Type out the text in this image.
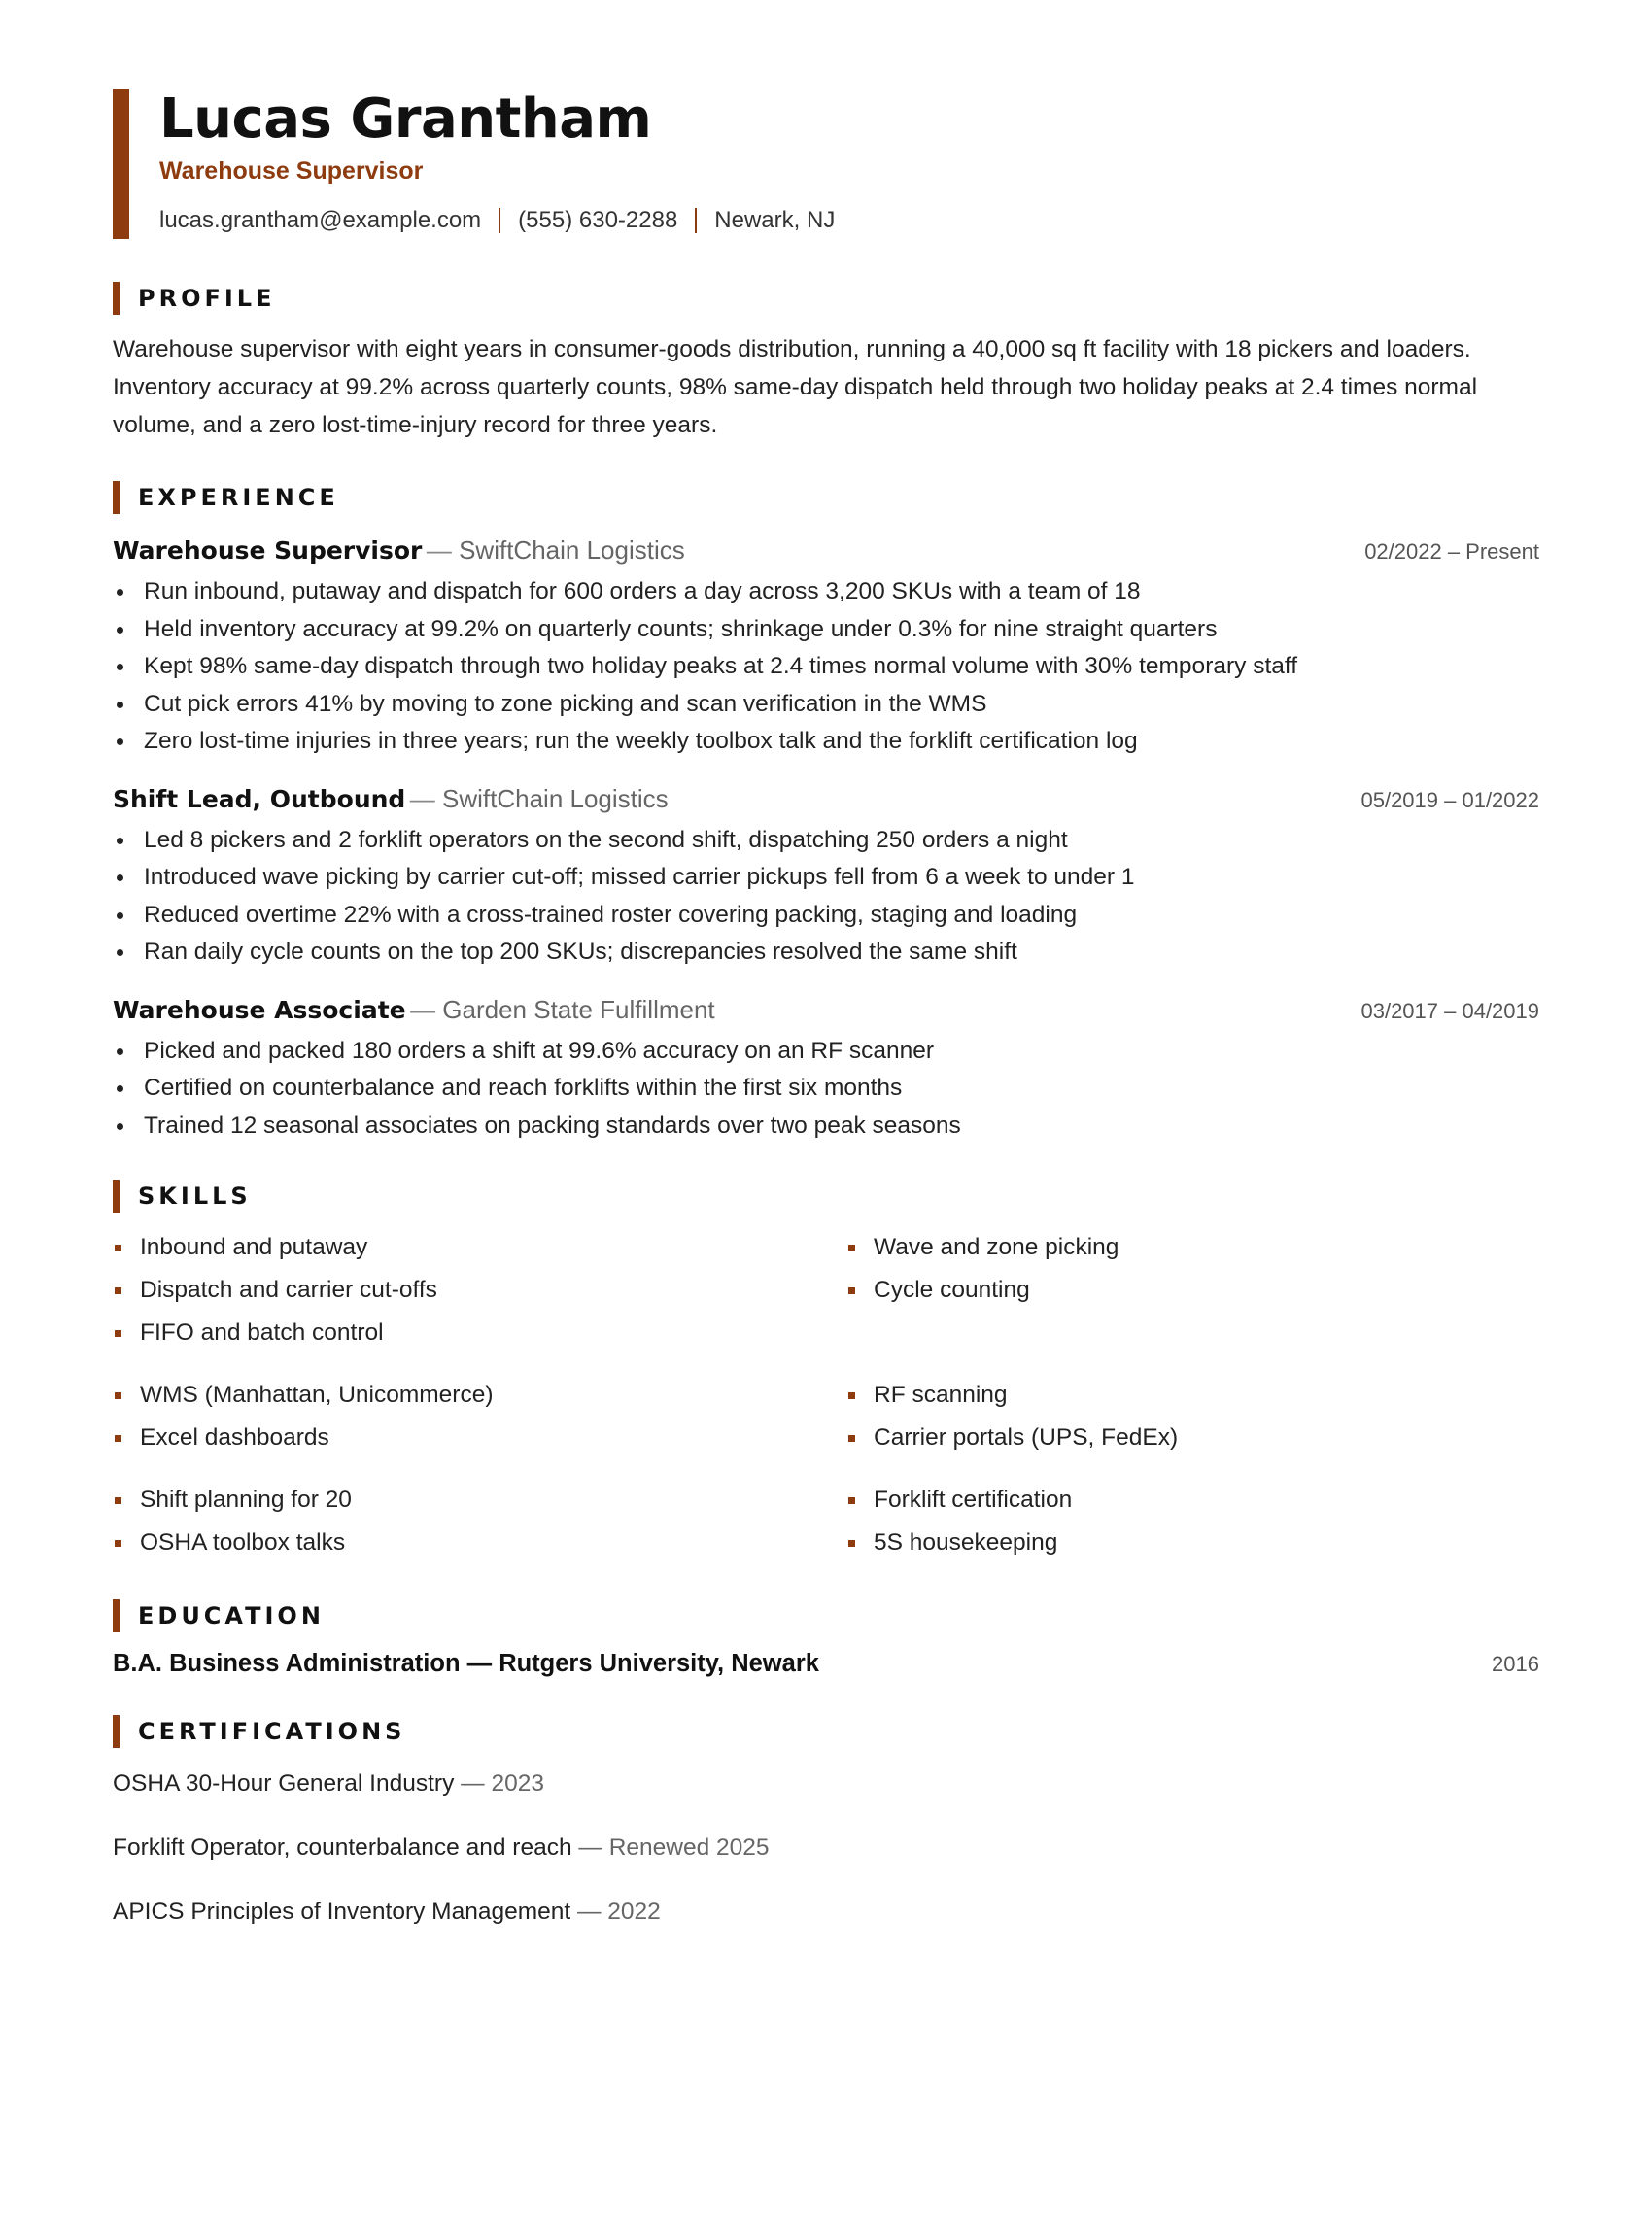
Lucas Grantham
Warehouse Supervisor
lucas.grantham@example.com (555) 630-2288 Newark, NJ
PROFILE
Warehouse supervisor with eight years in consumer-goods distribution, running a 40,000 sq ft facility with 18 pickers and loaders. Inventory accuracy at 99.2% across quarterly counts, 98% same-day dispatch held through two holiday peaks at 2.4 times normal volume, and a zero lost-time-injury record for three years.
EXPERIENCE
Warehouse Supervisor — SwiftChain Logistics	02/2022 – Present
Run inbound, putaway and dispatch for 600 orders a day across 3,200 SKUs with a team of 18
Held inventory accuracy at 99.2% on quarterly counts; shrinkage under 0.3% for nine straight quarters
Kept 98% same-day dispatch through two holiday peaks at 2.4 times normal volume with 30% temporary staff
Cut pick errors 41% by moving to zone picking and scan verification in the WMS
Zero lost-time injuries in three years; run the weekly toolbox talk and the forklift certification log
Shift Lead, Outbound — SwiftChain Logistics	05/2019 – 01/2022
Led 8 pickers and 2 forklift operators on the second shift, dispatching 250 orders a night
Introduced wave picking by carrier cut-off; missed carrier pickups fell from 6 a week to under 1
Reduced overtime 22% with a cross-trained roster covering packing, staging and loading
Ran daily cycle counts on the top 200 SKUs; discrepancies resolved the same shift
Warehouse Associate — Garden State Fulfillment	03/2017 – 04/2019
Picked and packed 180 orders a shift at 99.6% accuracy on an RF scanner
Certified on counterbalance and reach forklifts within the first six months
Trained 12 seasonal associates on packing standards over two peak seasons
SKILLS
Inbound and putaway
Dispatch and carrier cut-offs
FIFO and batch control
Wave and zone picking
Cycle counting
WMS (Manhattan, Unicommerce)
Excel dashboards
RF scanning
Carrier portals (UPS, FedEx)
Shift planning for 20
OSHA toolbox talks
Forklift certification
5S housekeeping
EDUCATION
B.A. Business Administration — Rutgers University, Newark	2016
CERTIFICATIONS
OSHA 30-Hour General Industry — 2023
Forklift Operator, counterbalance and reach — Renewed 2025
APICS Principles of Inventory Management — 2022
